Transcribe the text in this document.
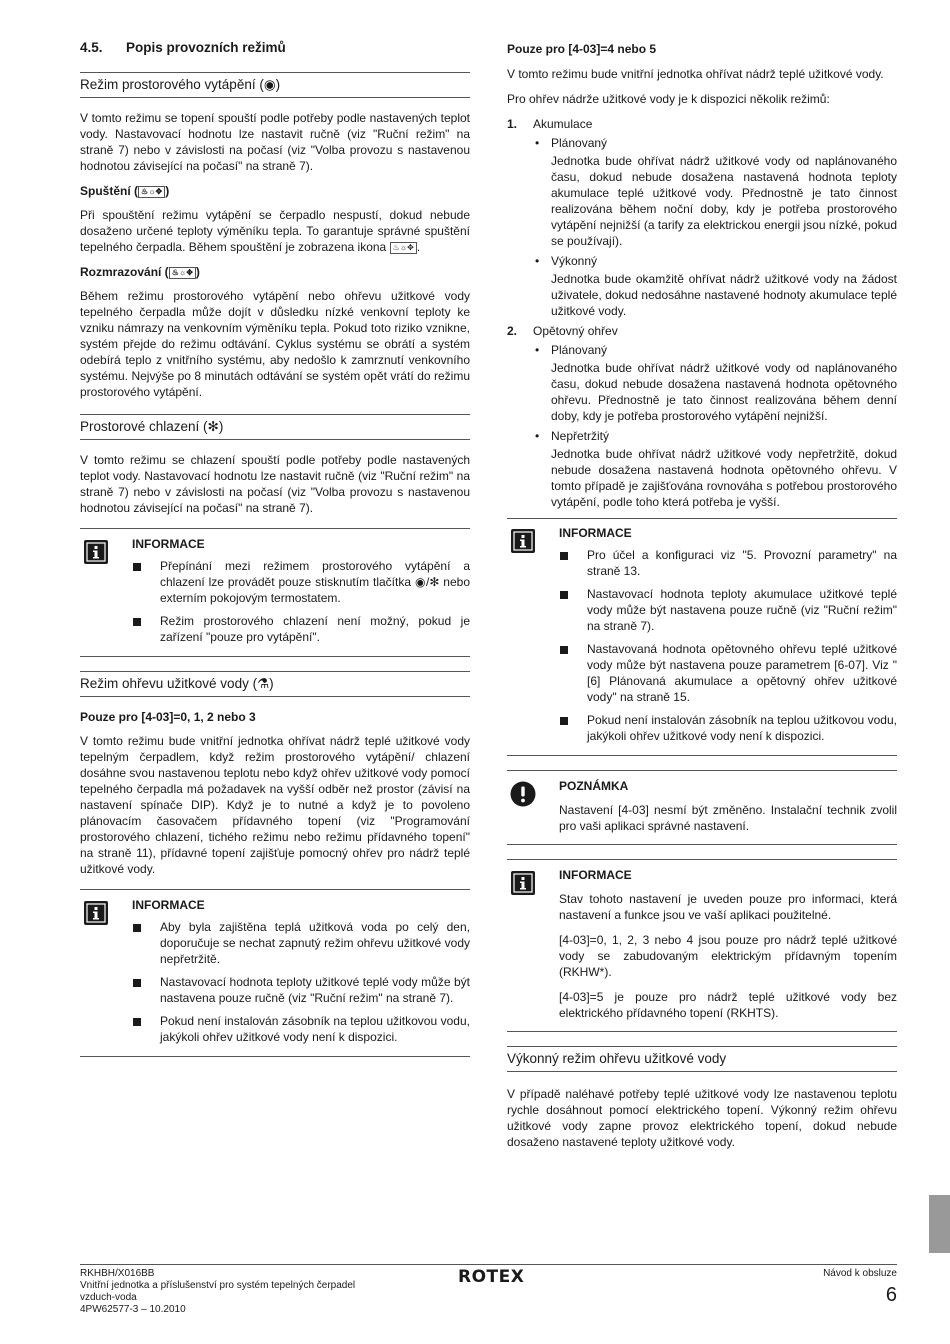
4.5. Popis provozních režimů
Režim prostorového vytápění (◉)

V tomto režimu se topení spouští podle potřeby podle nastavených teplot vody. Nastavovací hodnotu lze nastavit ručně (viz "Ruční režim" na straně 7) nebo v závislosti na počasí (viz "Volba provozu s nastavenou hodnotou závisející na počasí" na straně 7).

Spuštění ( ♨☼✥ )

Při spouštění režimu vytápění se čerpadlo nespustí, dokud nebude dosaženo určené teploty výměníku tepla. To garantuje správné spuštění tepelného čerpadla. Během spouštění je zobrazena ikona ♨☼✥ .

Rozmrazování ( ♨☼✥ )

Během režimu prostorového vytápění nebo ohřevu užitkové vody tepelného čerpadla může dojít v důsledku nízké venkovní teploty ke vzniku námrazy na venkovním výměníku tepla. Pokud toto riziko vznikne, systém přejde do režimu odtávání. Cyklus systému se obrátí a systém odebírá teplo z vnitřního systému, aby nedošlo k zamrznutí venkovního systému. Nejvýše po 8 minutách odtávání se systém opět vrátí do režimu prostorového vytápění.

Prostorové chlazení (✻)

V tomto režimu se chlazení spouští podle potřeby podle nastavených teplot vody. Nastavovací hodnotu lze nastavit ručně (viz "Ruční režim" na straně 7) nebo v závislosti na počasí (viz "Volba provozu s nastavenou hodnotou závisející na počasí" na straně 7).

INFORMACE
Přepínání mezi režimem prostorového vytápění a chlazení lze provádět pouze stisknutím tlačítka ◉/✻ nebo externím pokojovým termostatem.
Režim prostorového chlazení není možný, pokud je zařízení "pouze pro vytápění".
Režim ohřevu užitkové vody (⚗)
Pouze pro [4-03]=0, 1, 2 nebo 3

V tomto režimu bude vnitřní jednotka ohřívat nádrž teplé užitkové vody tepelným čerpadlem, když režim prostorového vytápění/ chlazení dosáhne svou nastavenou teplotu nebo když ohřev užitkové vody pomocí tepelného čerpadla má požadavek na vyšší odběr než prostor (závisí na nastavení spínače DIP). Když je to nutné a když je to povoleno plánovacím časovačem přídavného topení (viz "Programování prostorového chlazení, tichého režimu nebo režimu přídavného topení" na straně 11), přídavné topení zajišťuje pomocný ohřev pro nádrž teplé užitkové vody.

INFORMACE
Aby byla zajištěna teplá užitková voda po celý den, doporučuje se nechat zapnutý režim ohřevu užitkové vody nepřetržitě.
Nastavovací hodnota teploty užitkové teplé vody může být nastavena pouze ručně (viz "Ruční režim" na straně 7).
Pokud není instalován zásobník na teplou užitkovou vodu, jakýkoli ohřev užitkové vody není k dispozici.
Pouze pro [4-03]=4 nebo 5

V tomto režimu bude vnitřní jednotka ohřívat nádrž teplé užitkové vody.

Pro ohřev nádrže užitkové vody je k dispozici několik režimů:

1. Akumulace
• Plánovaný
Jednotka bude ohřívat nádrž užitkové vody od naplánovaného času, dokud nebude dosažena nastavená hodnota teploty akumulace teplé užitkové vody. Přednostně je tato činnost realizována během noční doby, kdy je potřeba prostorového vytápění nejnižší (a tarify za elektrickou energii jsou nízké, pokud se používají).
• Výkonný
Jednotka bude okamžitě ohřívat nádrž užitkové vody na žádost uživatele, dokud nedosáhne nastavené hodnoty akumulace teplé užitkové vody.
2. Opětovný ohřev
• Plánovaný
Jednotka bude ohřívat nádrž užitkové vody od naplánovaného času, dokud nebude dosažena nastavená hodnota opětovného ohřevu. Přednostně je tato činnost realizována během denní doby, kdy je potřeba prostorového vytápění nejnižší.
• Nepřetržitý
Jednotka bude ohřívat nádrž užitkové vody nepřetržitě, dokud nebude dosažena nastavená hodnota opětovného ohřevu. V tomto případě je zajišťována rovnováha s potřebou prostorového vytápění, podle toho která potřeba je vyšší.
INFORMACE
Pro účel a konfiguraci viz "5. Provozní parametry" na straně 13.
Nastavovací hodnota teploty akumulace užitkové teplé vody může být nastavena pouze ručně (viz "Ruční režim" na straně 7).
Nastavovaná hodnota opětovného ohřevu teplé užitkové vody může být nastavena pouze parametrem [6-07]. Viz "[6] Plánovaná akumulace a opětovný ohřev užitkové vody" na straně 15.
Pokud není instalován zásobník na teplou užitkovou vodu, jakýkoli ohřev užitkové vody není k dispozici.
POZNÁMKA

Nastavení [4-03] nesmí být změněno. Instalační technik zvolil pro vaši aplikaci správné nastavení.

INFORMACE

Stav tohoto nastavení je uveden pouze pro informaci, která nastavení a funkce jsou ve vaší aplikaci použitelné.

[4-03]=0, 1, 2, 3 nebo 4 jsou pouze pro nádrž teplé užitkové vody se zabudovaným elektrickým přídavným topením (RKHW*).

[4-03]=5 je pouze pro nádrž teplé užitkové vody bez elektrického přídavného topení (RKHTS).

Výkonný režim ohřevu užitkové vody

V případě naléhavé potřeby teplé užitkové vody lze nastavenou teplotu rychle dosáhnout pomocí elektrického topení. Výkonný režim ohřevu užitkové vody zapne provoz elektrického topení, dokud nebude dosaženo nastavené teploty užitkové vody.

RKHBH/X016BB
Vnitřní jednotka a příslušenství pro systém tepelných čerpadel
vzduch-voda
4PW62577-3 – 10.2010
ROTEX	Návod k obsluze
6
